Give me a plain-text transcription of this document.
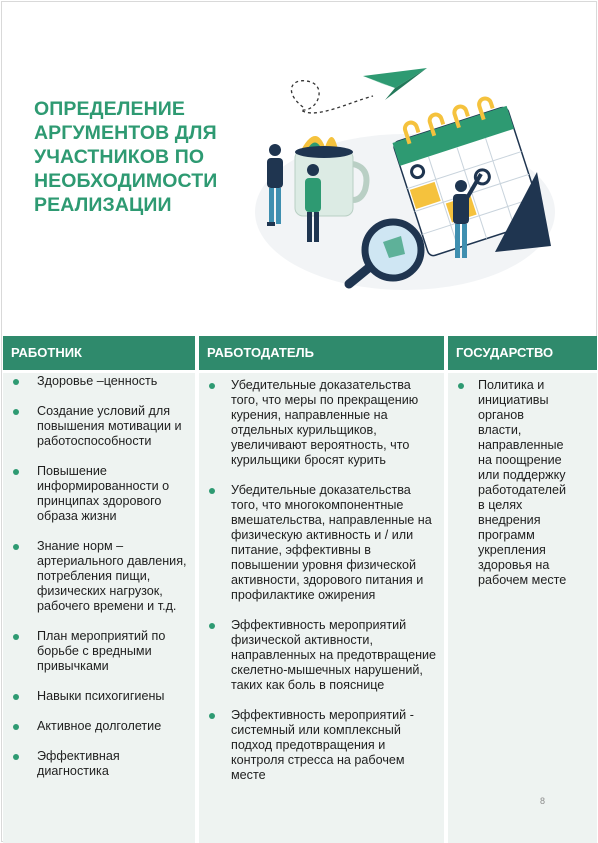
ОПРЕДЕЛЕНИЕ АРГУМЕНТОВ ДЛЯ УЧАСТНИКОВ ПО НЕОБХОДИМОСТИ РЕАЛИЗАЦИИ
РАБОТНИК
Здоровье –ценность
Создание условий для повышения мотивации и работоспособности
Повышение информированности о принципах здорового образа жизни
Знание норм – артериального давления, потребления пищи, физических нагрузок, рабочего времени и т.д.
План мероприятий по борьбе с вредными привычками
Навыки психогигиены
Активное долголетие
Эффективная диагностика
РАБОТОДАТЕЛЬ
Убедительные доказательства того, что меры по прекращению курения, направленные на отдельных курильщиков, увеличивают вероятность, что курильщики бросят курить
Убедительные доказательства того, что многокомпонентные вмешательства, направленные на физическую активность и / или питание, эффективны в повышении уровня физической активности, здорового питания и профилактике ожирения
Эффективность мероприятий физической активности, направленных на предотвращение скелетно-мышечных нарушений, таких как боль в пояснице
Эффективность мероприятий - системный или комплексный подход предотвращения и контроля стресса на рабочем месте
ГОСУДАРСТВО
Политика и инициативы органов власти, направленные на поощрение или поддержку работодателей в целях внедрения программ укрепления здоровья на рабочем месте
8
